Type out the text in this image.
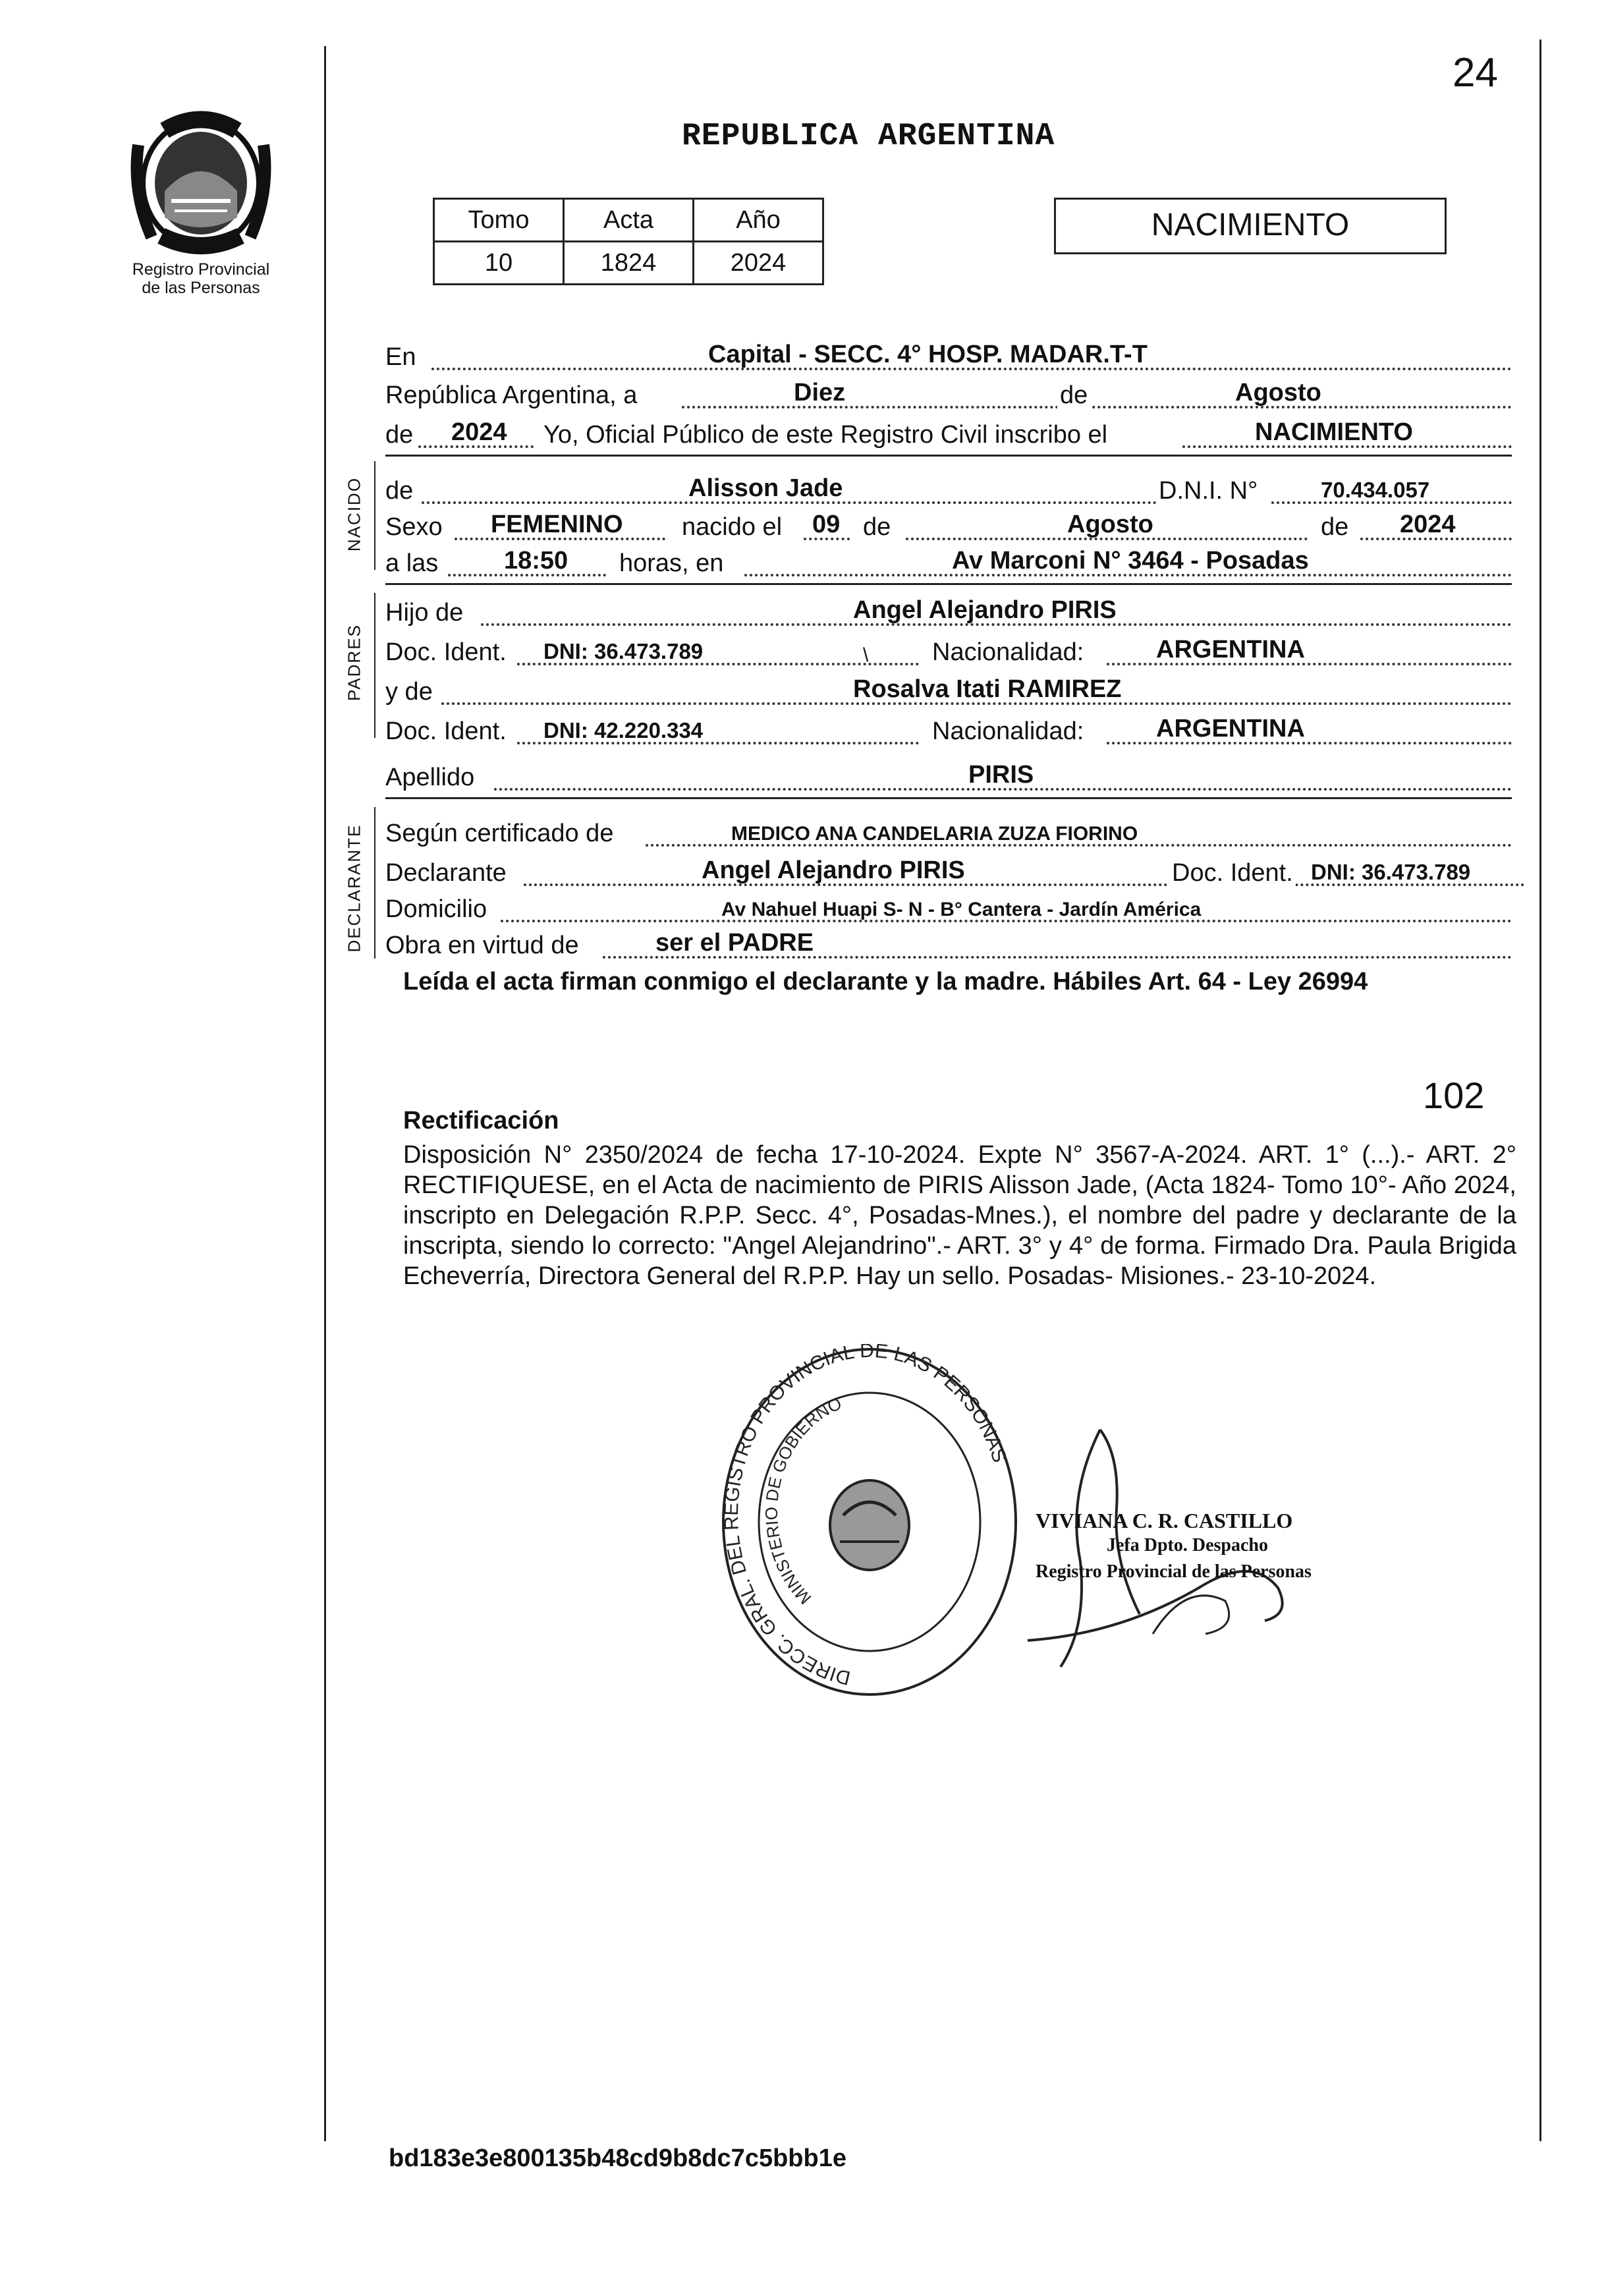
24
Registro Provincial
de las Personas
REPUBLICA ARGENTINA
Tomo	Acta	Año
10	1824	2024
NACIMIENTO
En	Capital - SECC. 4° HOSP. MADAR.T-T
República Argentina, a	Diez	de	Agosto
de 2024 Yo, Oficial Público de este Registro Civil inscribo el	NACIMIENTO
NACIDO de	Alisson Jade	D.N.I. N°	70.434.057
Sexo FEMENINO nacido el 09 de	Agosto	de 2024
a las	18:50 horas, en	Av Marconi N° 3464 - Posadas
PADRES
Hijo de	Angel Alejandro PIRIS
Doc. Ident. DNI: 36.473.789	\	Nacionalidad:	ARGENTINA
y de	Rosalva Itati RAMIREZ
Doc. Ident. DNI: 42.220.334	Nacionalidad:	ARGENTINA
Apellido	PIRIS
DECLARANTE Según certificado de	MEDICO ANA CANDELARIA ZUZA FIORINO
Declarante	Angel Alejandro PIRIS	Doc. Ident. DNI: 36.473.789
Domicilio	Av Nahuel Huapi S- N - B° Cantera - Jardín América
Obra en virtud de	ser el PADRE
Leída el acta firman conmigo el declarante y la madre. Hábiles Art. 64 - Ley 26994
102
Rectificación
Disposición N° 2350/2024 de fecha 17-10-2024. Expte N° 3567-A-2024. ART. 1° (...).- ART. 2° RECTIFIQUESE, en el Acta de nacimiento de PIRIS Alisson Jade, (Acta 1824- Tomo 10°- Año 2024, inscripto en Delegación R.P.P. Secc. 4°, Posadas-Mnes.), el nombre del padre y declarante de la inscripta, siendo lo correcto: "Angel Alejandrino".- ART. 3° y 4° de forma. Firmado Dra. Paula Brigida Echeverría, Directora General del R.P.P. Hay un sello. Posadas- Misiones.- 23-10-2024.
DIRECC. GRAL. DEL REGISTRO PROVINCIAL DE LAS PERSONAS
MINISTERIO DE GOBIERNO
VIVIANA C. R. CASTILLO
Jefa Dpto. Despacho
Registro Provincial de las Personas
bd183e3e800135b48cd9b8dc7c5bbb1e
